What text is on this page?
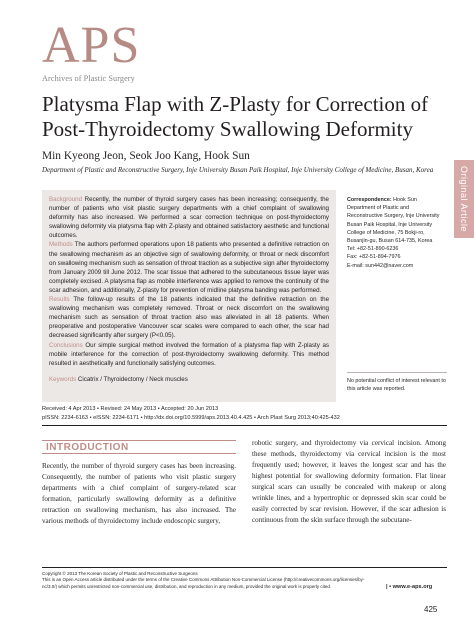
APS
Archives of Plastic Surgery
Original Article
Platysma Flap with Z-Plasty for Correction of Post-Thyroidectomy Swallowing Deformity
Min Kyeong Jeon, Seok Joo Kang, Hook Sun
Department of Plastic and Reconstructive Surgery, Inje University Busan Paik Hospital, Inje University College of Medicine, Busan, Korea

Background Recently, the number of thyroid surgery cases has been increasing; consequently, the number of patients who visit plastic surgery departments with a chief complaint of swallowing deformity has also increased. We performed a scar correction technique on post-thyroidectomy swallowing deformity via platysma flap with Z-plasty and obtained satisfactory aesthetic and functional outcomes.

Methods The authors performed operations upon 18 patients who presented a definitive retraction on the swallowing mechanism as an objective sign of swallowing deformity, or throat or neck discomfort on swallowing mechanism such as sensation of throat traction as a subjective sign after thyroidectomy from January 2009 till June 2012. The scar tissue that adhered to the subcutaneous tissue layer was completely excised. A platysma flap as mobile interference was applied to remove the continuity of the scar adhesion, and additionally, Z-plasty for prevention of midline platysma banding was performed.

Results The follow-up results of the 18 patients indicated that the definitive retraction on the swallowing mechanism was completely removed. Throat or neck discomfort on the swallowing mechanism such as sensation of throat traction also was alleviated in all 18 patients. When preoperative and postoperative Vancouver scar scales were compared to each other, the scar had decreased significantly after surgery (P<0.05).

Conclusions Our simple surgical method involved the formation of a platysma flap with Z-plasty as mobile interference for the correction of post-thyroidectomy swallowing deformity. This method resulted in aesthetically and functionally satisfying outcomes.

Keywords Cicatrix / Thyroidectomy / Neck muscles

Correspondence: Hook Sun
Department of Plastic and
Reconstructive Surgery, Inje University
Busan Paik Hospital, Inje University
College of Medicine, 75 Bokji-ro,
Busanjin-gu, Busan 614-735, Korea
Tel: +82-51-890-6236
Fax: +82-51-894-7976
E-mail: sun442@naver.com
No potential conflict of interest relevant to this article was reported.
Received: 4 Apr 2013 • Revised: 24 May 2013 • Accepted: 20 Jun 2013
pISSN: 2234-6163 • eISSN: 2234-6171 • http://dx.doi.org/10.5999/aps.2013.40.4.425 • Arch Plast Surg 2013;40:425-432
INTRODUCTION
Recently, the number of thyroid surgery cases has been increasing. Consequently, the number of patients who visit plastic surgery departments with a chief complaint of surgery-related scar formation, particularly swallowing deformity as a definitive retraction on swallowing mechanism, has also increased. The various methods of thyroidectomy include endoscopic surgery,
robotic surgery, and thyroidectomy via cervical incision. Among these methods, thyroidectomy via cervical incision is the most frequently used; however, it leaves the longest scar and has the highest potential for swallowing deformity formation. Flat linear surgical scars can usually be concealed with makeup or along wrinkle lines, and a hypertrophic or depressed skin scar could be easily corrected by scar revision. However, if the scar adhesion is continuous from the skin surface through the subcutane-
Copyright © 2013 The Korean Society of Plastic and Reconstructive Surgeons
This is an Open Access article distributed under the terms of the Creative Commons Attribution Non-Commercial License (http://creativecommons.org/licenses/by-nc/3.0/) which permits unrestricted non-commercial use, distribution, and reproduction in any medium, provided the original work is properly cited.	| • www.e-aps.org
425
